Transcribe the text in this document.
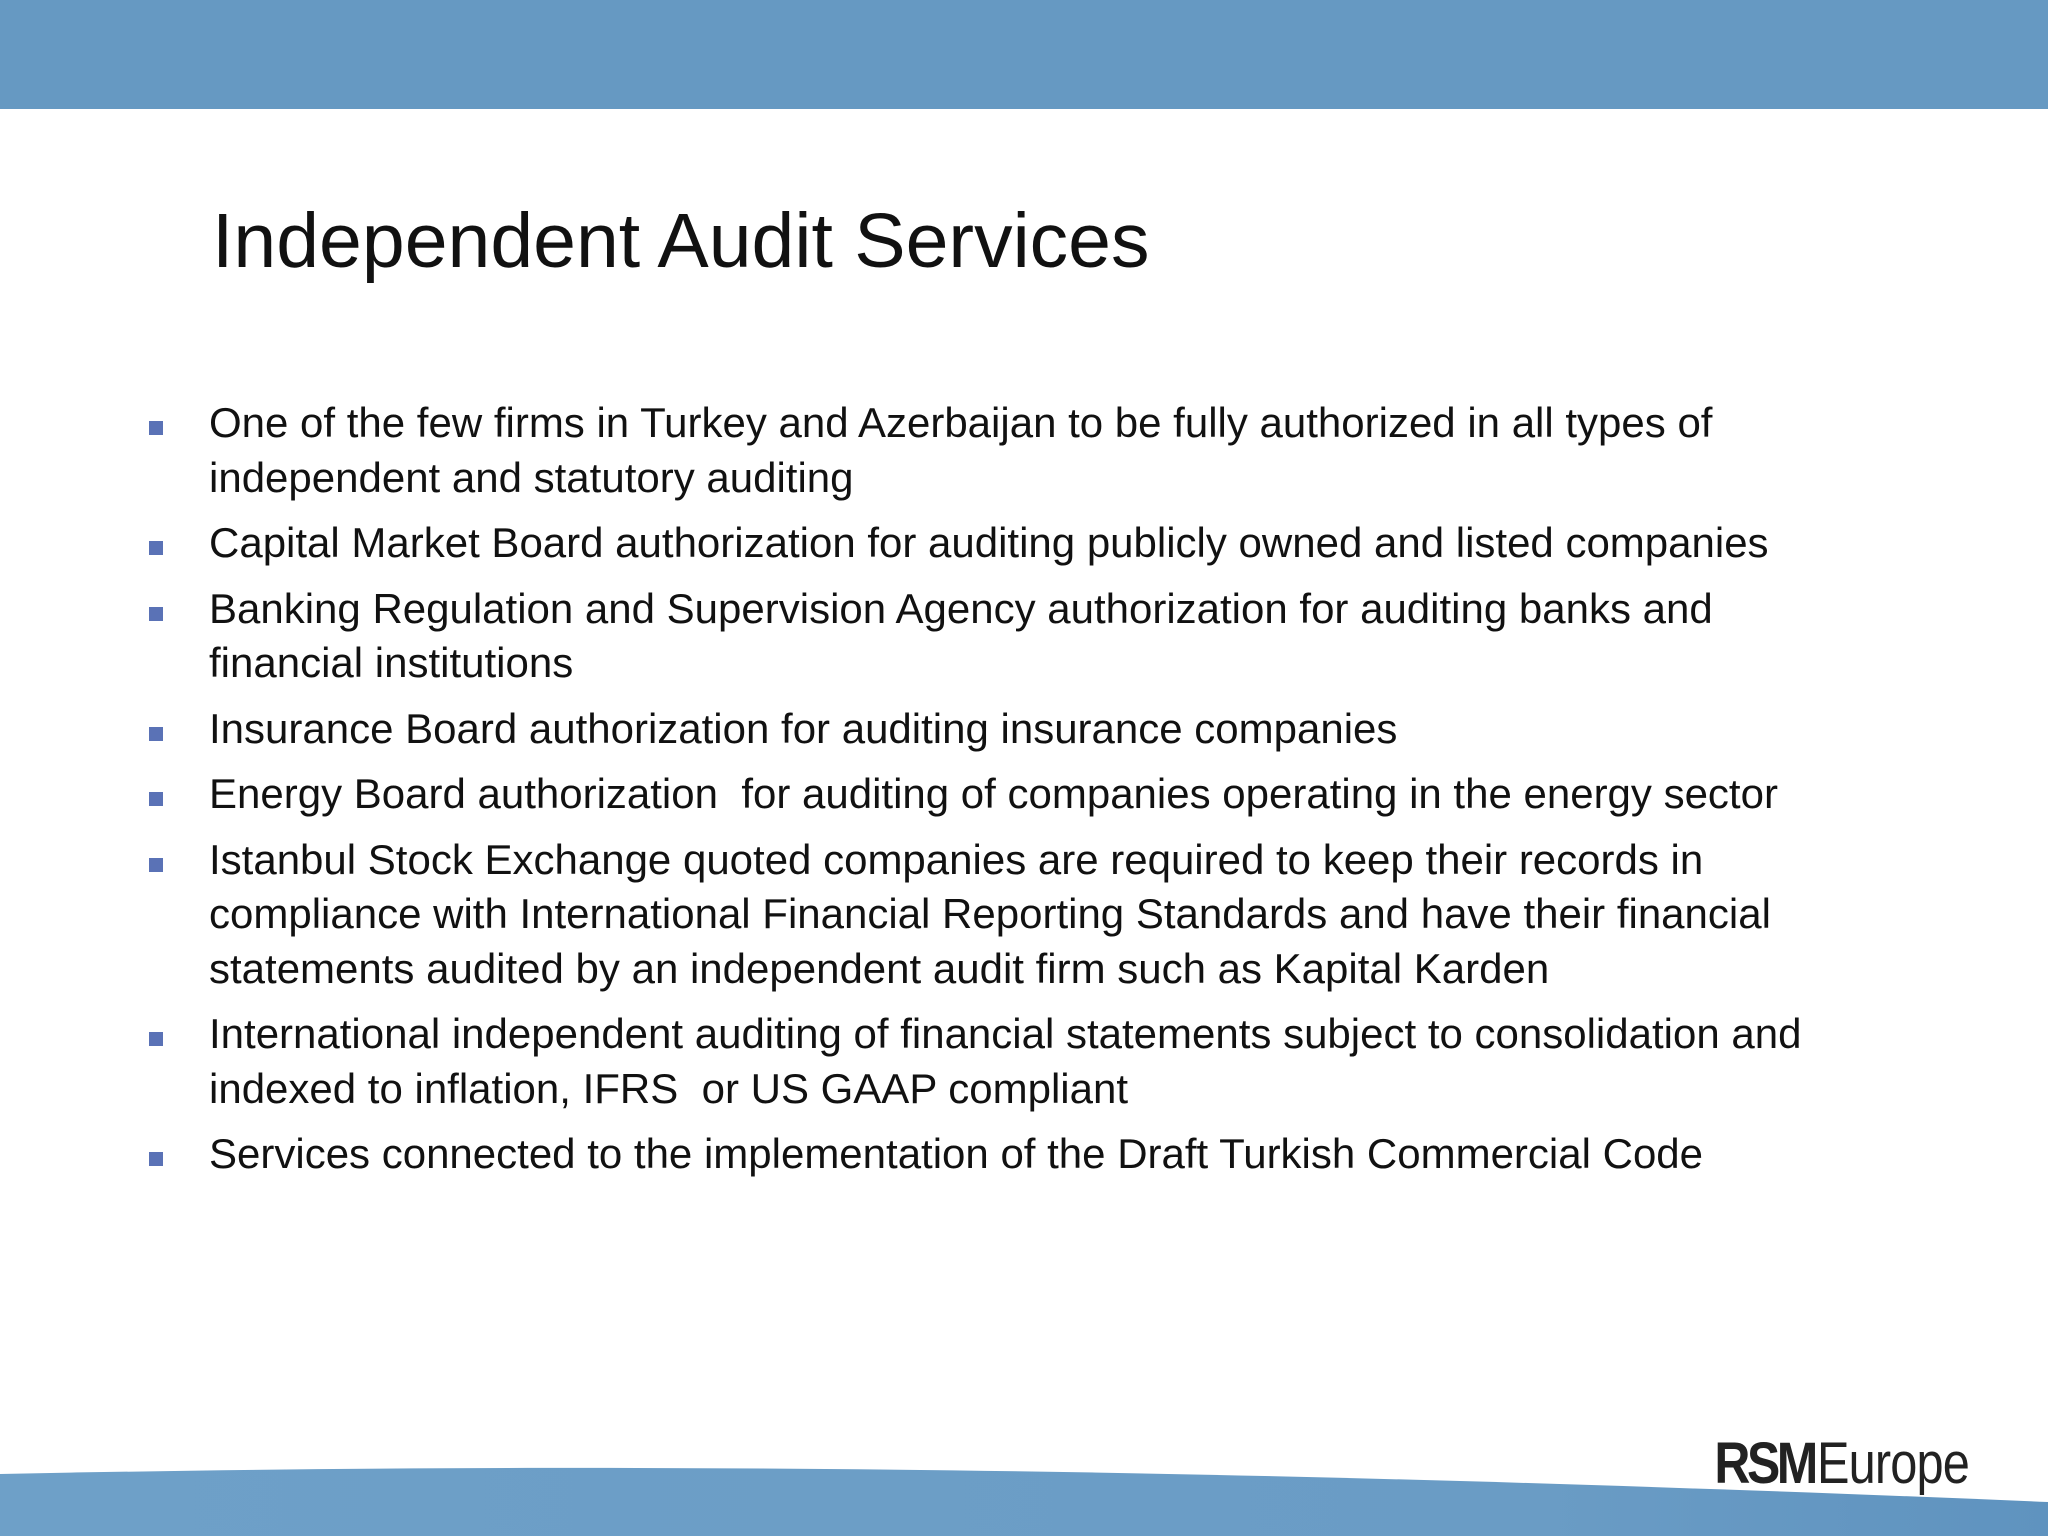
Independent Audit Services
One of the few firms in Turkey and Azerbaijan to be fully authorized in all types of independent and statutory auditing
Capital Market Board authorization for auditing publicly owned and listed companies
Banking Regulation and Supervision Agency authorization for auditing banks and financial institutions
Insurance Board authorization for auditing insurance companies
Energy Board authorization  for auditing of companies operating in the energy sector
Istanbul Stock Exchange quoted companies are required to keep their records in compliance with International Financial Reporting Standards and have their financial statements audited by an independent audit firm such as Kapital Karden
International independent auditing of financial statements subject to consolidation and indexed to inflation, IFRS  or US GAAP compliant
Services connected to the implementation of the Draft Turkish Commercial Code
RSMEurope
